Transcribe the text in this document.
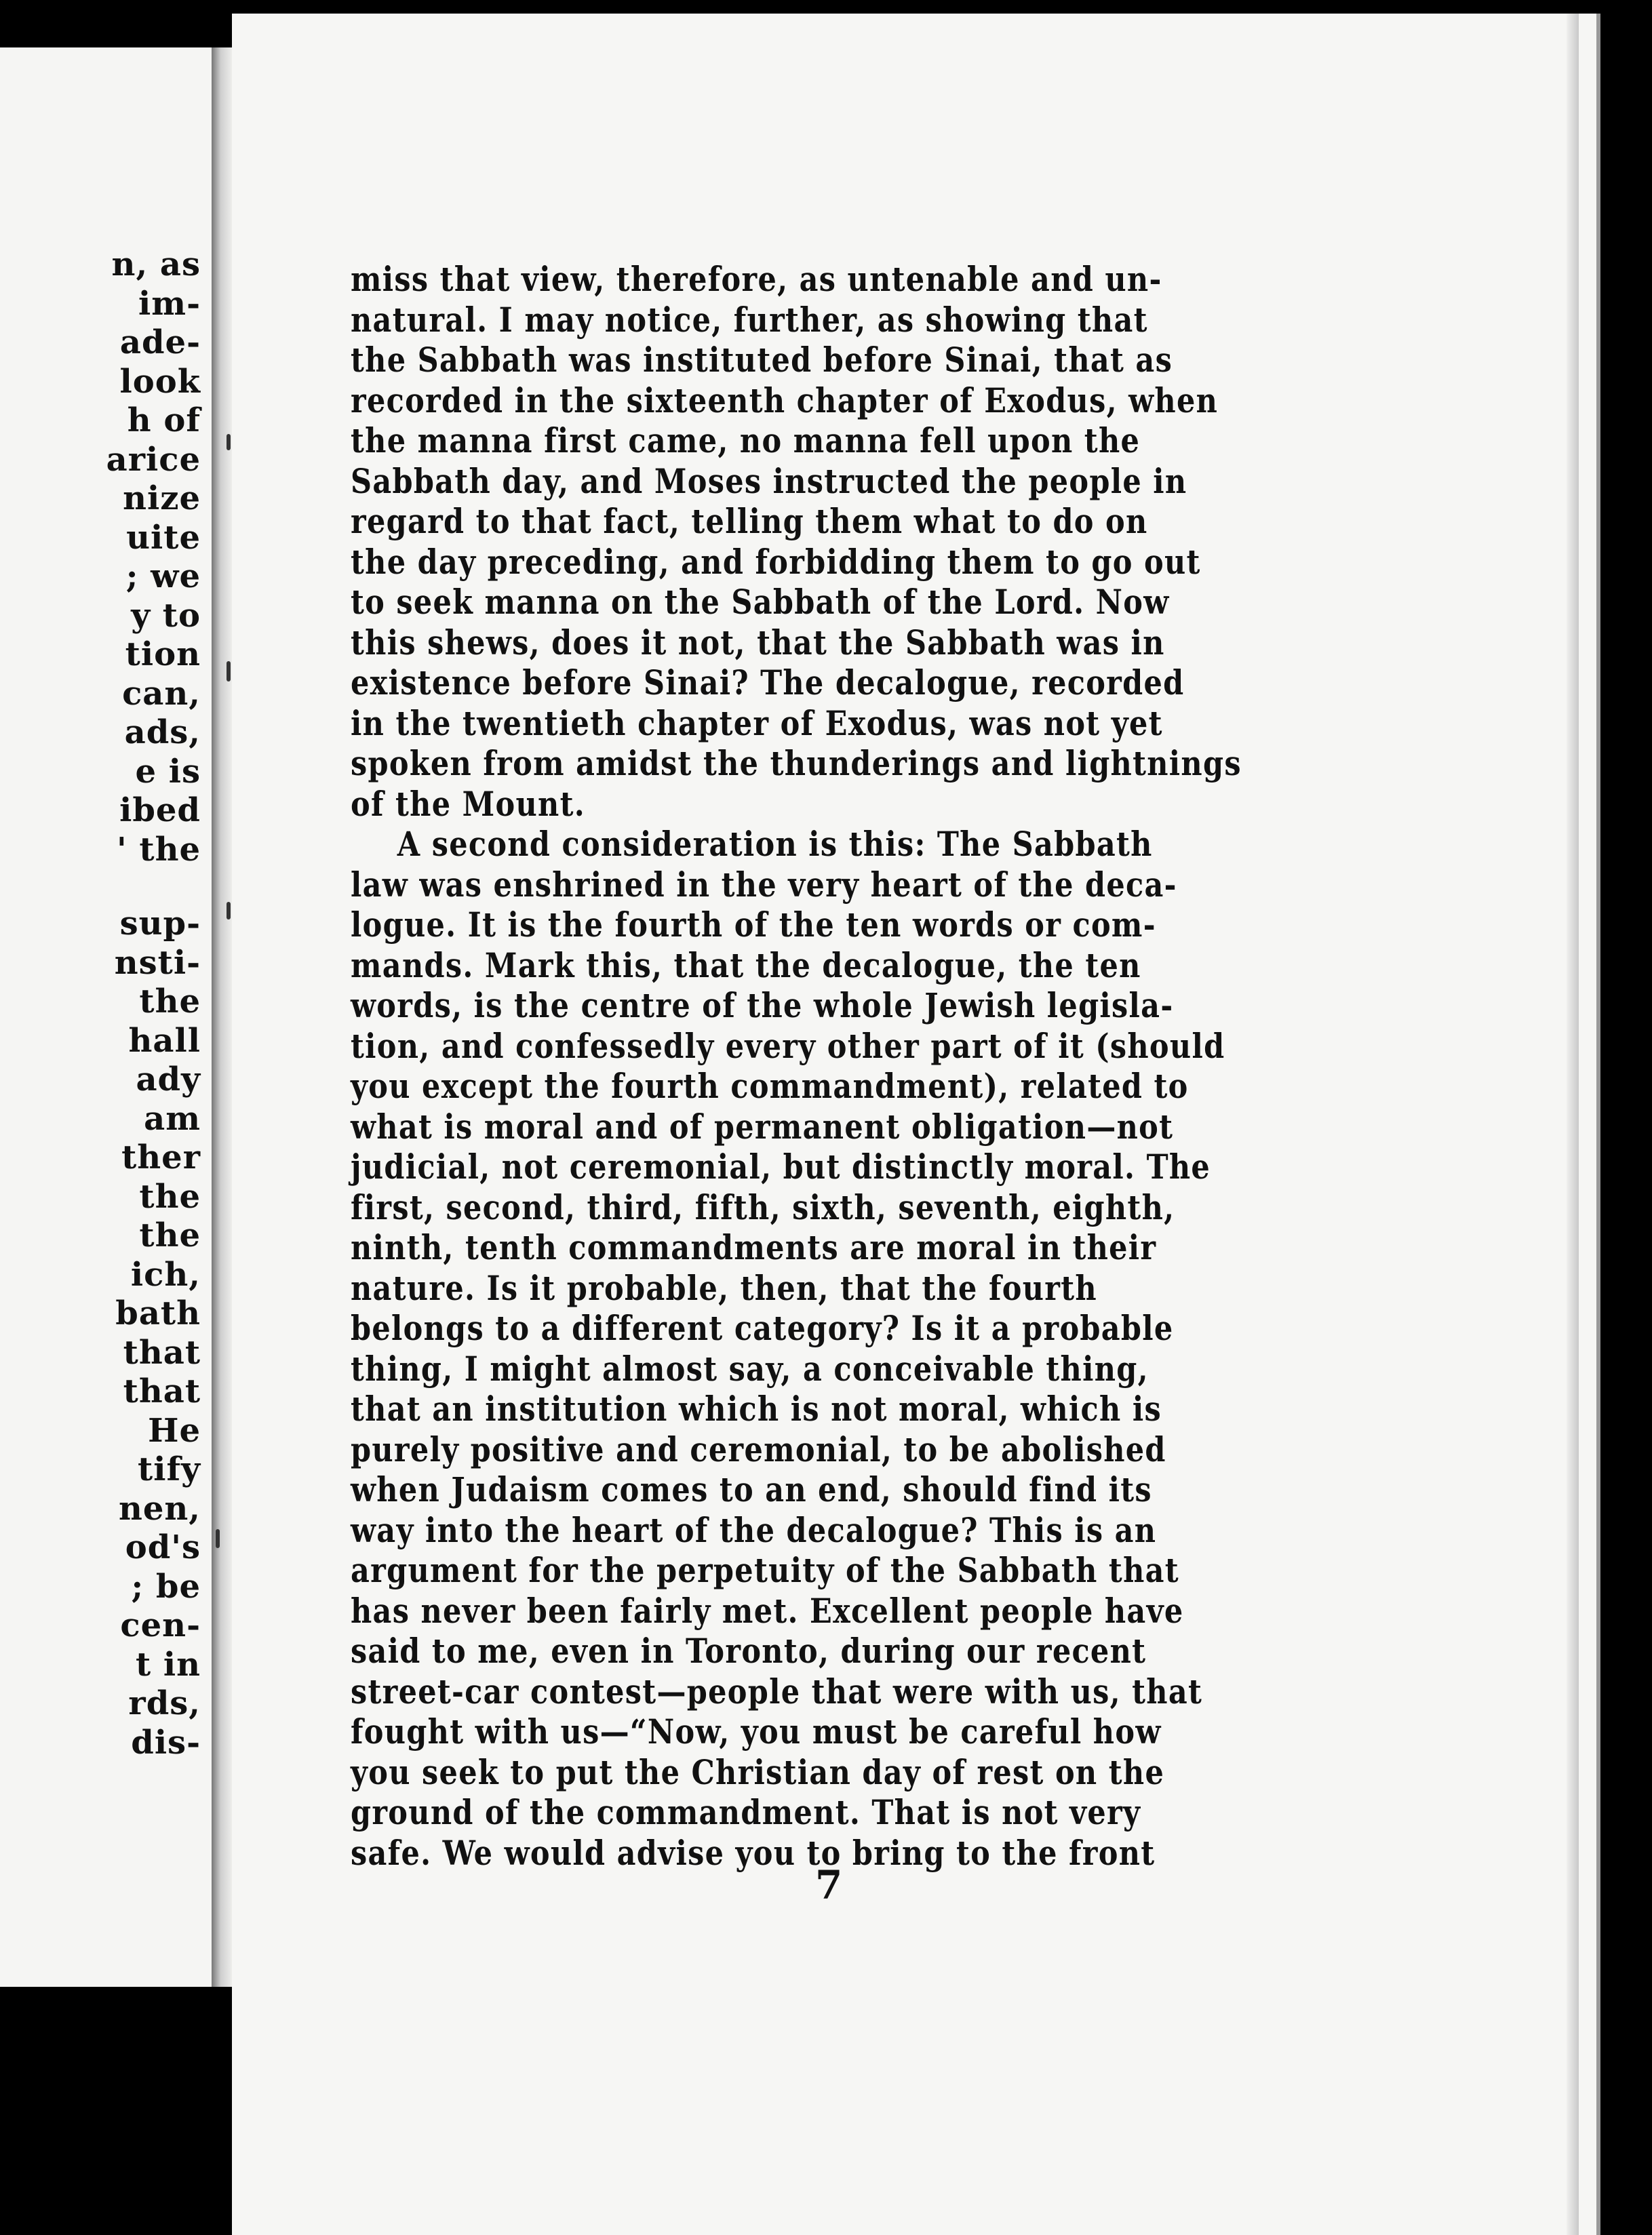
n, as
im-
ade-
look
h of
arice
nize
uite
; we
y to
tion
can,
ads,
e is
ibed
' the
sup-
nsti-
the
hall
ady
am
ther
the
the
ich,
bath
that
that
He
tify
nen,
od's
; be
cen-
t in
rds,
dis-
miss that view, therefore, as untenable and un-
natural. I may notice, further, as showing that
the Sabbath was instituted before Sinai, that as
recorded in the sixteenth chapter of Exodus, when
the manna first came, no manna fell upon the
Sabbath day, and Moses instructed the people in
regard to that fact, telling them what to do on
the day preceding, and forbidding them to go out
to seek manna on the Sabbath of the Lord. Now
this shews, does it not, that the Sabbath was in
existence before Sinai? The decalogue, recorded
in the twentieth chapter of Exodus, was not yet
spoken from amidst the thunderings and lightnings
of the Mount.
A second consideration is this: The Sabbath
law was enshrined in the very heart of the deca-
logue. It is the fourth of the ten words or com-
mands. Mark this, that the decalogue, the ten
words, is the centre of the whole Jewish legisla-
tion, and confessedly every other part of it (should
you except the fourth commandment), related to
what is moral and of permanent obligation—not
judicial, not ceremonial, but distinctly moral. The
first, second, third, fifth, sixth, seventh, eighth,
ninth, tenth commandments are moral in their
nature. Is it probable, then, that the fourth
belongs to a different category? Is it a probable
thing, I might almost say, a conceivable thing,
that an institution which is not moral, which is
purely positive and ceremonial, to be abolished
when Judaism comes to an end, should find its
way into the heart of the decalogue? This is an
argument for the perpetuity of the Sabbath that
has never been fairly met. Excellent people have
said to me, even in Toronto, during our recent
street-car contest—people that were with us, that
fought with us—“Now, you must be careful how
you seek to put the Christian day of rest on the
ground of the commandment. That is not very
safe. We would advise you to bring to the front
7
